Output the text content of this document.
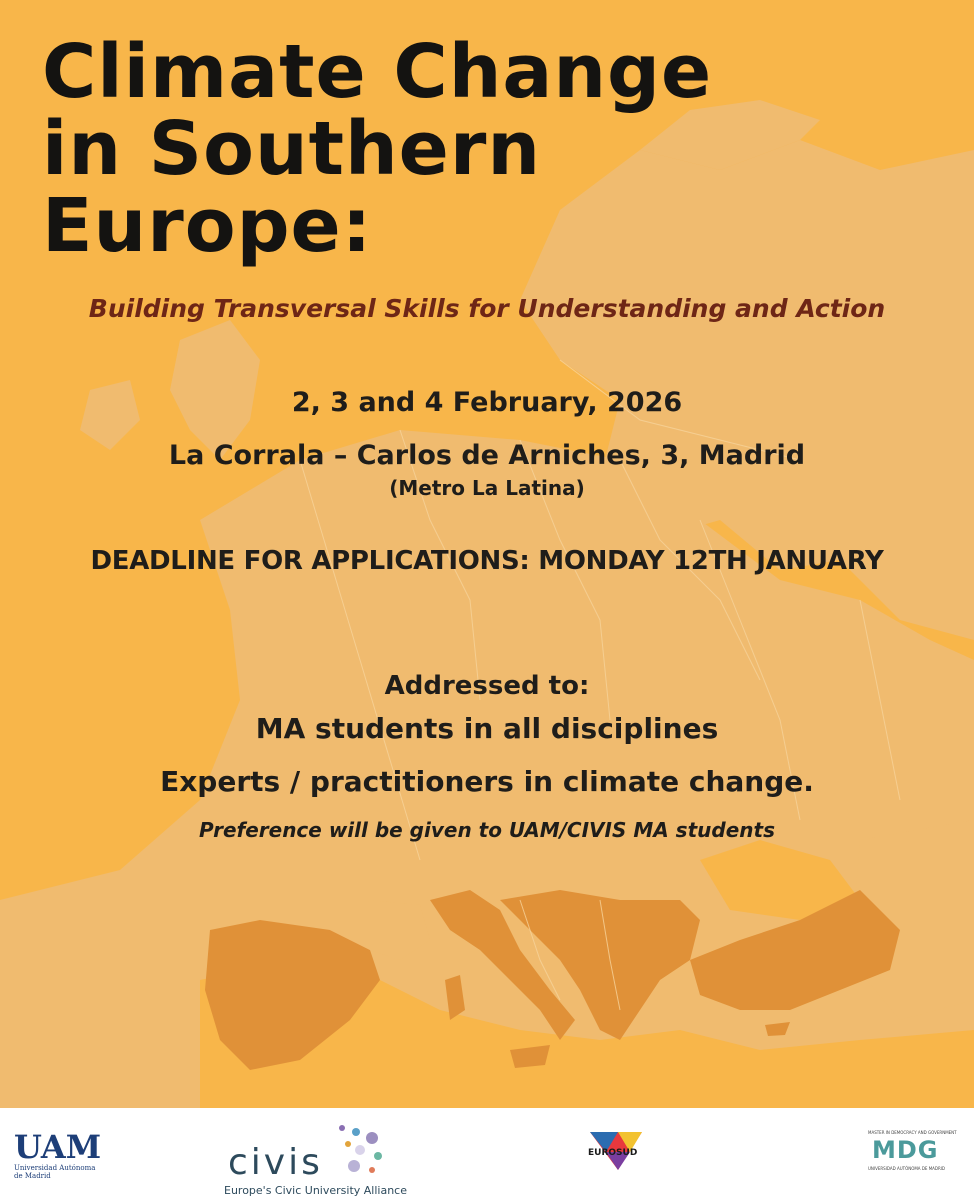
Climate Change
in Southern
Europe:

Building Transversal Skills for Understanding and Action

2, 3 and 4 February, 2026

La Corrala – Carlos de Arniches, 3, Madrid

(Metro La Latina)

DEADLINE FOR APPLICATIONS: MONDAY 12TH JANUARY

Addressed to:

MA students in all disciplines

Experts / practitioners in climate change.

Preference will be given to UAM/CIVIS MA students

UAM
Universidad Autónoma de Madrid	civis
Europe's Civic University Alliance
EUROSUD
MASTER IN DEMOCRACY AND GOVERNMENT
MDG
UNIVERSIDAD AUTÓNOMA DE MADRID
